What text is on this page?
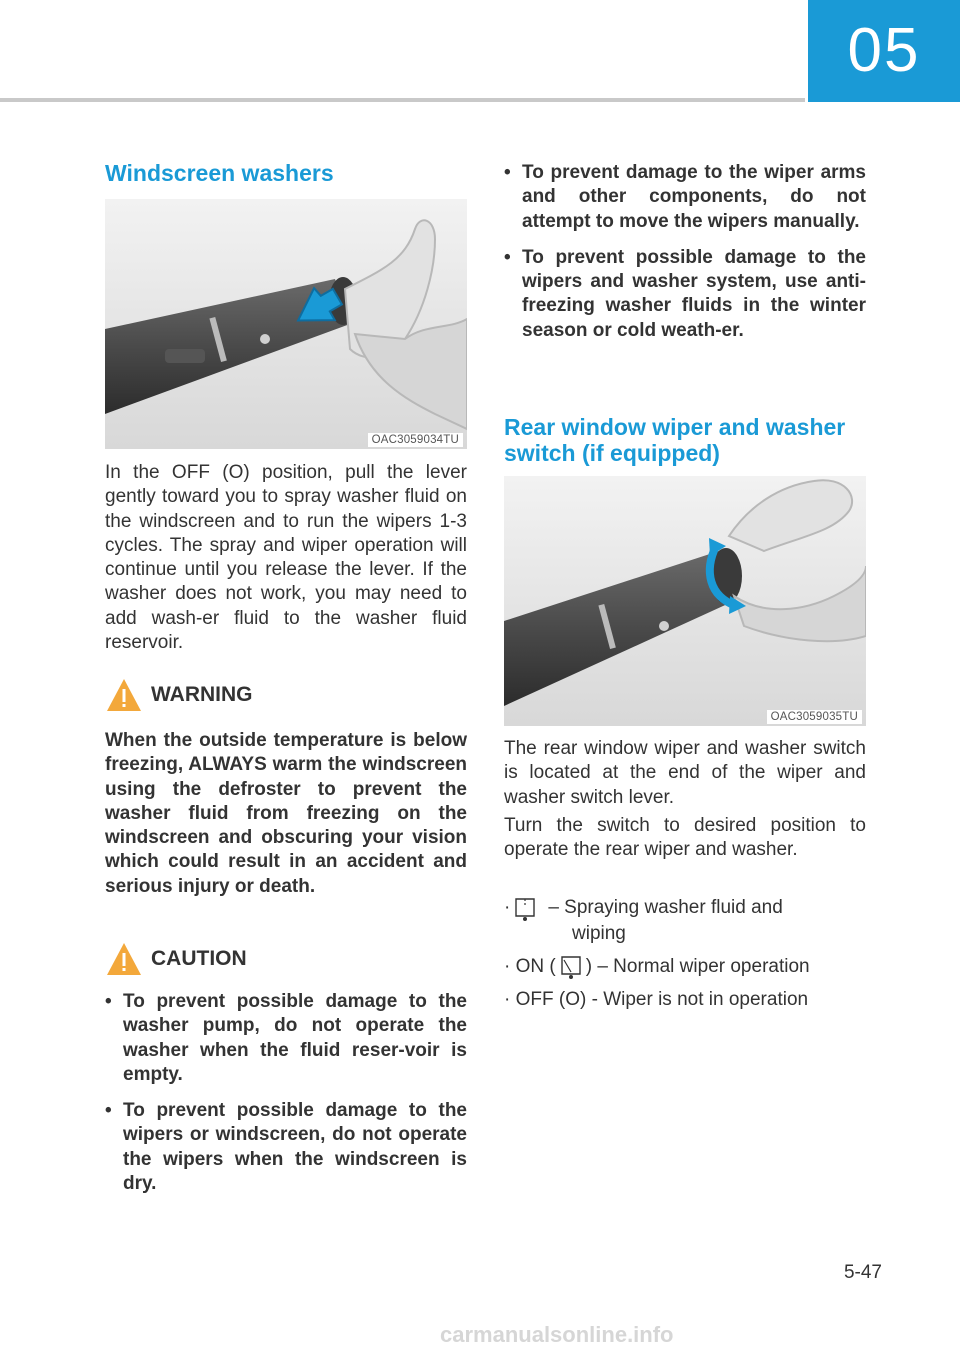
05
Windscreen washers
OAC3059034TU

In the OFF (O) position, pull the lever gently toward you to spray washer fluid on the windscreen and to run the wipers 1-3 cycles. The spray and wiper operation will continue until you release the lever. If the washer does not work, you may need to add wash-er fluid to the washer fluid reservoir.

WARNING

When the outside temperature is below freezing, ALWAYS warm the windscreen using the defroster to prevent the washer fluid from freezing on the windscreen and obscuring your vision which could result in an accident and serious injury or death.

CAUTION
• To prevent possible damage to the washer pump, do not operate the washer when the fluid reser-voir is empty.
• To prevent possible damage to the wipers or windscreen, do not operate the wipers when the windscreen is dry.
• To prevent damage to the wiper arms and other components, do not attempt to move the wipers manually.
• To prevent possible damage to the wipers and washer system, use anti-freezing washer fluids in the winter season or cold weath-er.
Rear window wiper and washer switch (if equipped)
OAC3059035TU

The rear window wiper and washer switch is located at the end of the wiper and washer switch lever.

Turn the switch to desired position to operate the rear wiper and washer.

· – Spraying washer fluid and
wiping
· ON ( ) – Normal wiper operation
· OFF (O) - Wiper is not in operation
5-47
carmanualsonline.info
